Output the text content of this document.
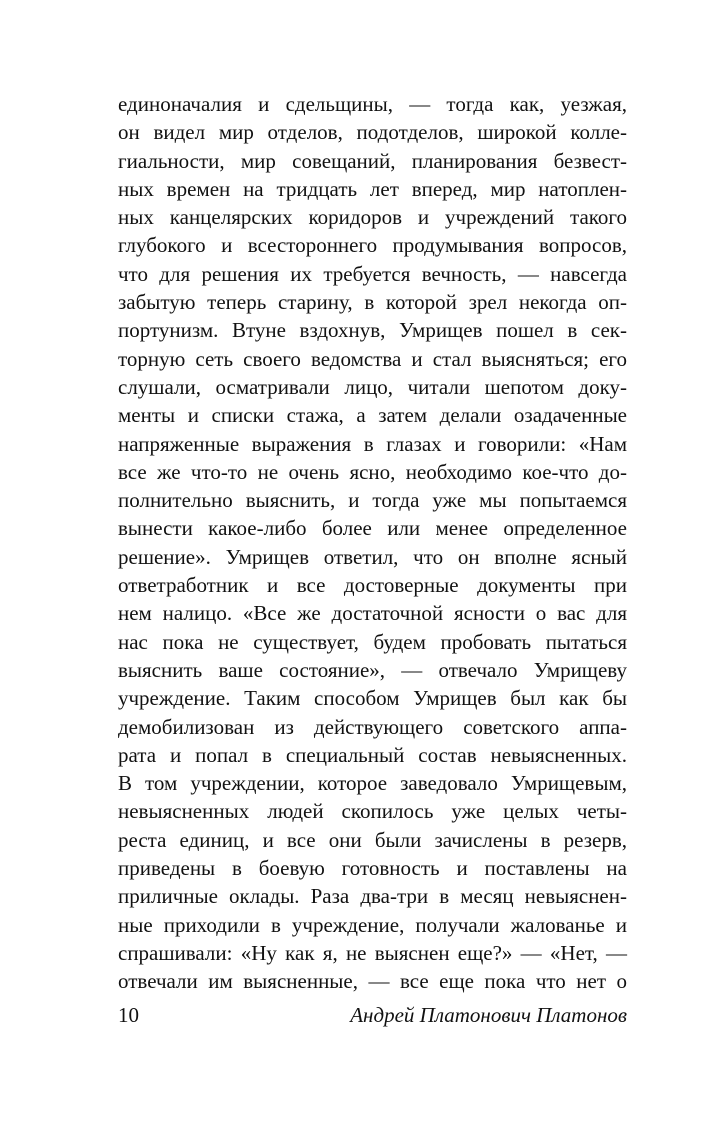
единоначалия и сдельщины, — тогда как, уезжая,
он видел мир отделов, подотделов, широкой колле-
гиальности, мир совещаний, планирования безвест-
ных времен на тридцать лет вперед, мир натоплен-
ных канцелярских коридоров и учреждений такого
глубокого и всестороннего продумывания вопросов,
что для решения их требуется вечность, — навсегда
забытую теперь старину, в которой зрел некогда оп-
портунизм. Втуне вздохнув, Умрищев пошел в сек-
торную сеть своего ведомства и стал выясняться; его
слушали, осматривали лицо, читали шепотом доку-
менты и списки стажа, а затем делали озадаченные
напряженные выражения в глазах и говорили: «Нам
все же что-то не очень ясно, необходимо кое-что до-
полнительно выяснить, и тогда уже мы попытаемся
вынести какое-либо более или менее определенное
решение». Умрищев ответил, что он вполне ясный
ответработник и все достоверные документы при
нем налицо. «Все же достаточной ясности о вас для
нас пока не существует, будем пробовать пытаться
выяснить ваше состояние», — отвечало Умрищеву
учреждение. Таким способом Умрищев был как бы
демобилизован из действующего советского аппа-
рата и попал в специальный состав невыясненных.
В том учреждении, которое заведовало Умрищевым,
невыясненных людей скопилось уже целых четы-
реста единиц, и все они были зачислены в резерв,
приведены в боевую готовность и поставлены на
приличные оклады. Раза два-три в месяц невыяснен-
ные приходили в учреждение, получали жалованье и
спрашивали: «Ну как я, не выяснен еще?» — «Нет, —
отвечали им выясненные, — все еще пока что нет о
10	Андрей Платонович Платонов
